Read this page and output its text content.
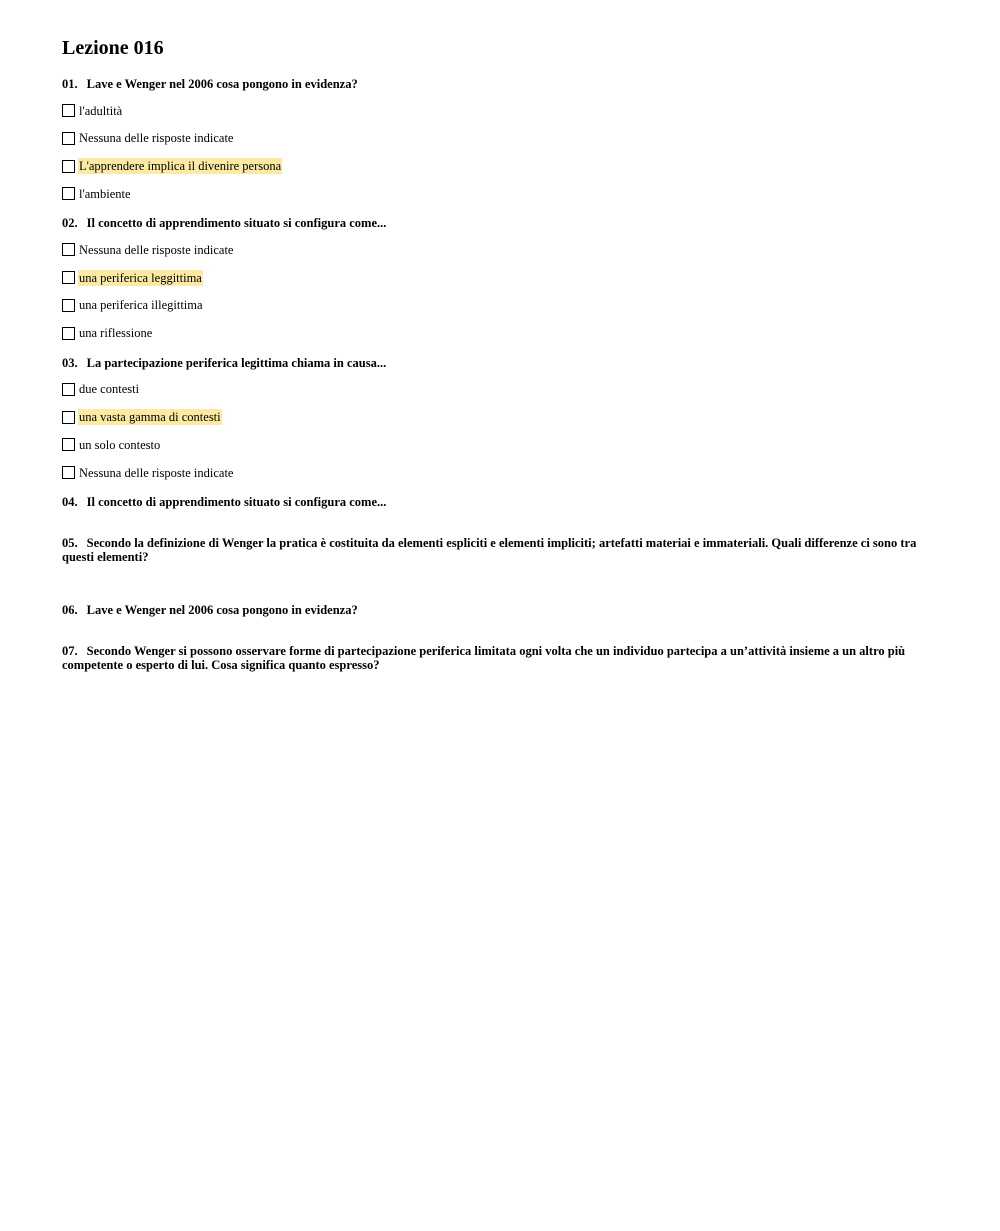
Lezione 016
01. Lave e Wenger nel 2006 cosa pongono in evidenza?
l'adultità
Nessuna delle risposte indicate
L'apprendere implica il divenire persona
l'ambiente
02. Il concetto di apprendimento situato si configura come...
Nessuna delle risposte indicate
una periferica leggittima
una periferica illegittima
una riflessione
03. La partecipazione periferica legittima chiama in causa...
due contesti
una vasta gamma di contesti
un solo contesto
Nessuna delle risposte indicate
04. Il concetto di apprendimento situato si configura come...
05. Secondo la definizione di Wenger la pratica è costituita da elementi espliciti e elementi impliciti; artefatti materiai e immateriali. Quali differenze ci sono tra questi elementi?
06. Lave e Wenger nel 2006 cosa pongono in evidenza?
07. Secondo Wenger si possono osservare forme di partecipazione periferica limitata ogni volta che un individuo partecipa a un’attività insieme a un altro più competente o esperto di lui. Cosa significa quanto espresso?
